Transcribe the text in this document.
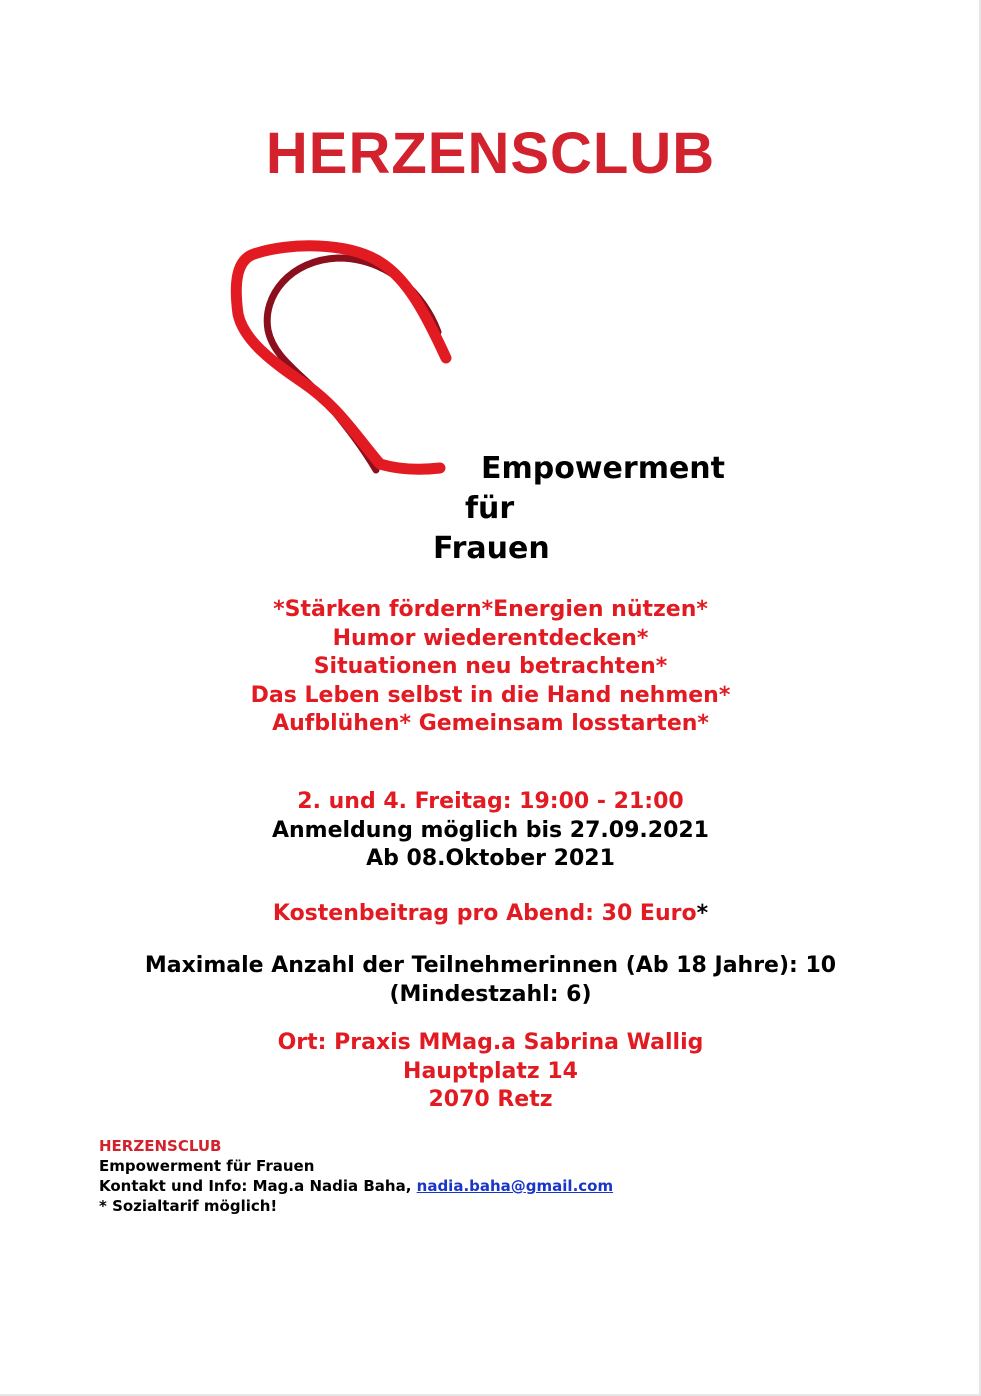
HERZENSCLUB
Empowerment
für
Frauen
*Stärken fördern*Energien nützen*
Humor wiederentdecken*
Situationen neu betrachten*
Das Leben selbst in die Hand nehmen*
Aufblühen* Gemeinsam losstarten*
2. und 4. Freitag: 19:00 - 21:00
Anmeldung möglich bis 27.09.2021
Ab 08.Oktober 2021
Kostenbeitrag pro Abend: 30 Euro*
Maximale Anzahl der Teilnehmerinnen (Ab 18 Jahre): 10
(Mindestzahl: 6)
Ort: Praxis MMag.a Sabrina Wallig
Hauptplatz 14
2070 Retz
HERZENSCLUB
Empowerment für Frauen
Kontakt und Info: Mag.a Nadia Baha, nadia.baha@gmail.com
* Sozialtarif möglich!
